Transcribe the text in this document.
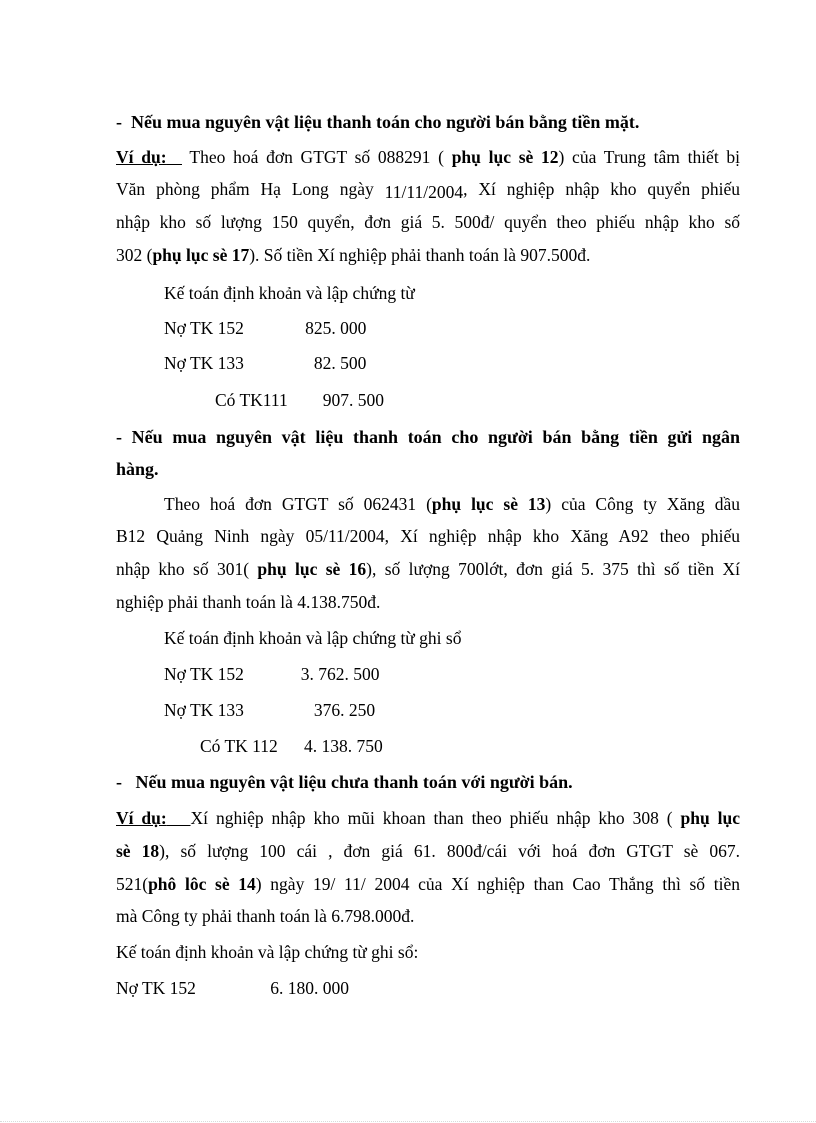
-  Nếu mua nguyên vật liệu thanh toán cho người bán bằng tiền mặt.
Ví dụ: Theo hoá đơn GTGT số 088291 ( phụ lục sè 12) của Trung tâm thiết bị
Văn phòng phẩm Hạ Long ngày 11/11/2004, Xí nghiệp nhập kho quyển phiếu
nhập kho số lượng 150 quyển, đơn giá 5. 500đ/ quyển theo phiếu nhập kho số
302 (phụ lục sè 17). Số tiền Xí nghiệp phải thanh toán là 907.500đ.
Kế toán định khoản và lập chứng từ
Nợ TK 152              825. 000
Nợ TK 133                82. 500
Có TK111        907. 500
- Nếu mua nguyên vật liệu thanh toán cho người bán bằng tiền gửi ngân
hàng.
Theo hoá đơn GTGT số 062431 (phụ lục sè 13) của Công ty Xăng dầu
B12 Quảng Ninh ngày 05/11/2004, Xí nghiệp nhập kho Xăng A92 theo phiếu
nhập kho số 301( phụ lục sè 16), số lượng 700lớt, đơn giá 5. 375 thì số tiền Xí
nghiệp phải thanh toán là 4.138.750đ.
Kế toán định khoản và lập chứng từ ghi sổ
Nợ TK 152             3. 762. 500
Nợ TK 133                376. 250
Có TK 112      4. 138. 750
-   Nếu mua nguyên vật liệu chưa thanh toán với người bán.
Ví dụ: Xí nghiệp nhập kho mũi khoan than theo phiếu nhập kho 308 ( phụ lục
sè 18), số lượng 100 cái , đơn giá 61. 800đ/cái với hoá đơn GTGT sè 067.
521(phô lôc sè 14) ngày 19/ 11/ 2004 của Xí nghiệp than Cao Thắng thì số tiền
mà Công ty phải thanh toán là 6.798.000đ.
Kế toán định khoản và lập chứng từ ghi sổ:
Nợ TK 152                 6. 180. 000
